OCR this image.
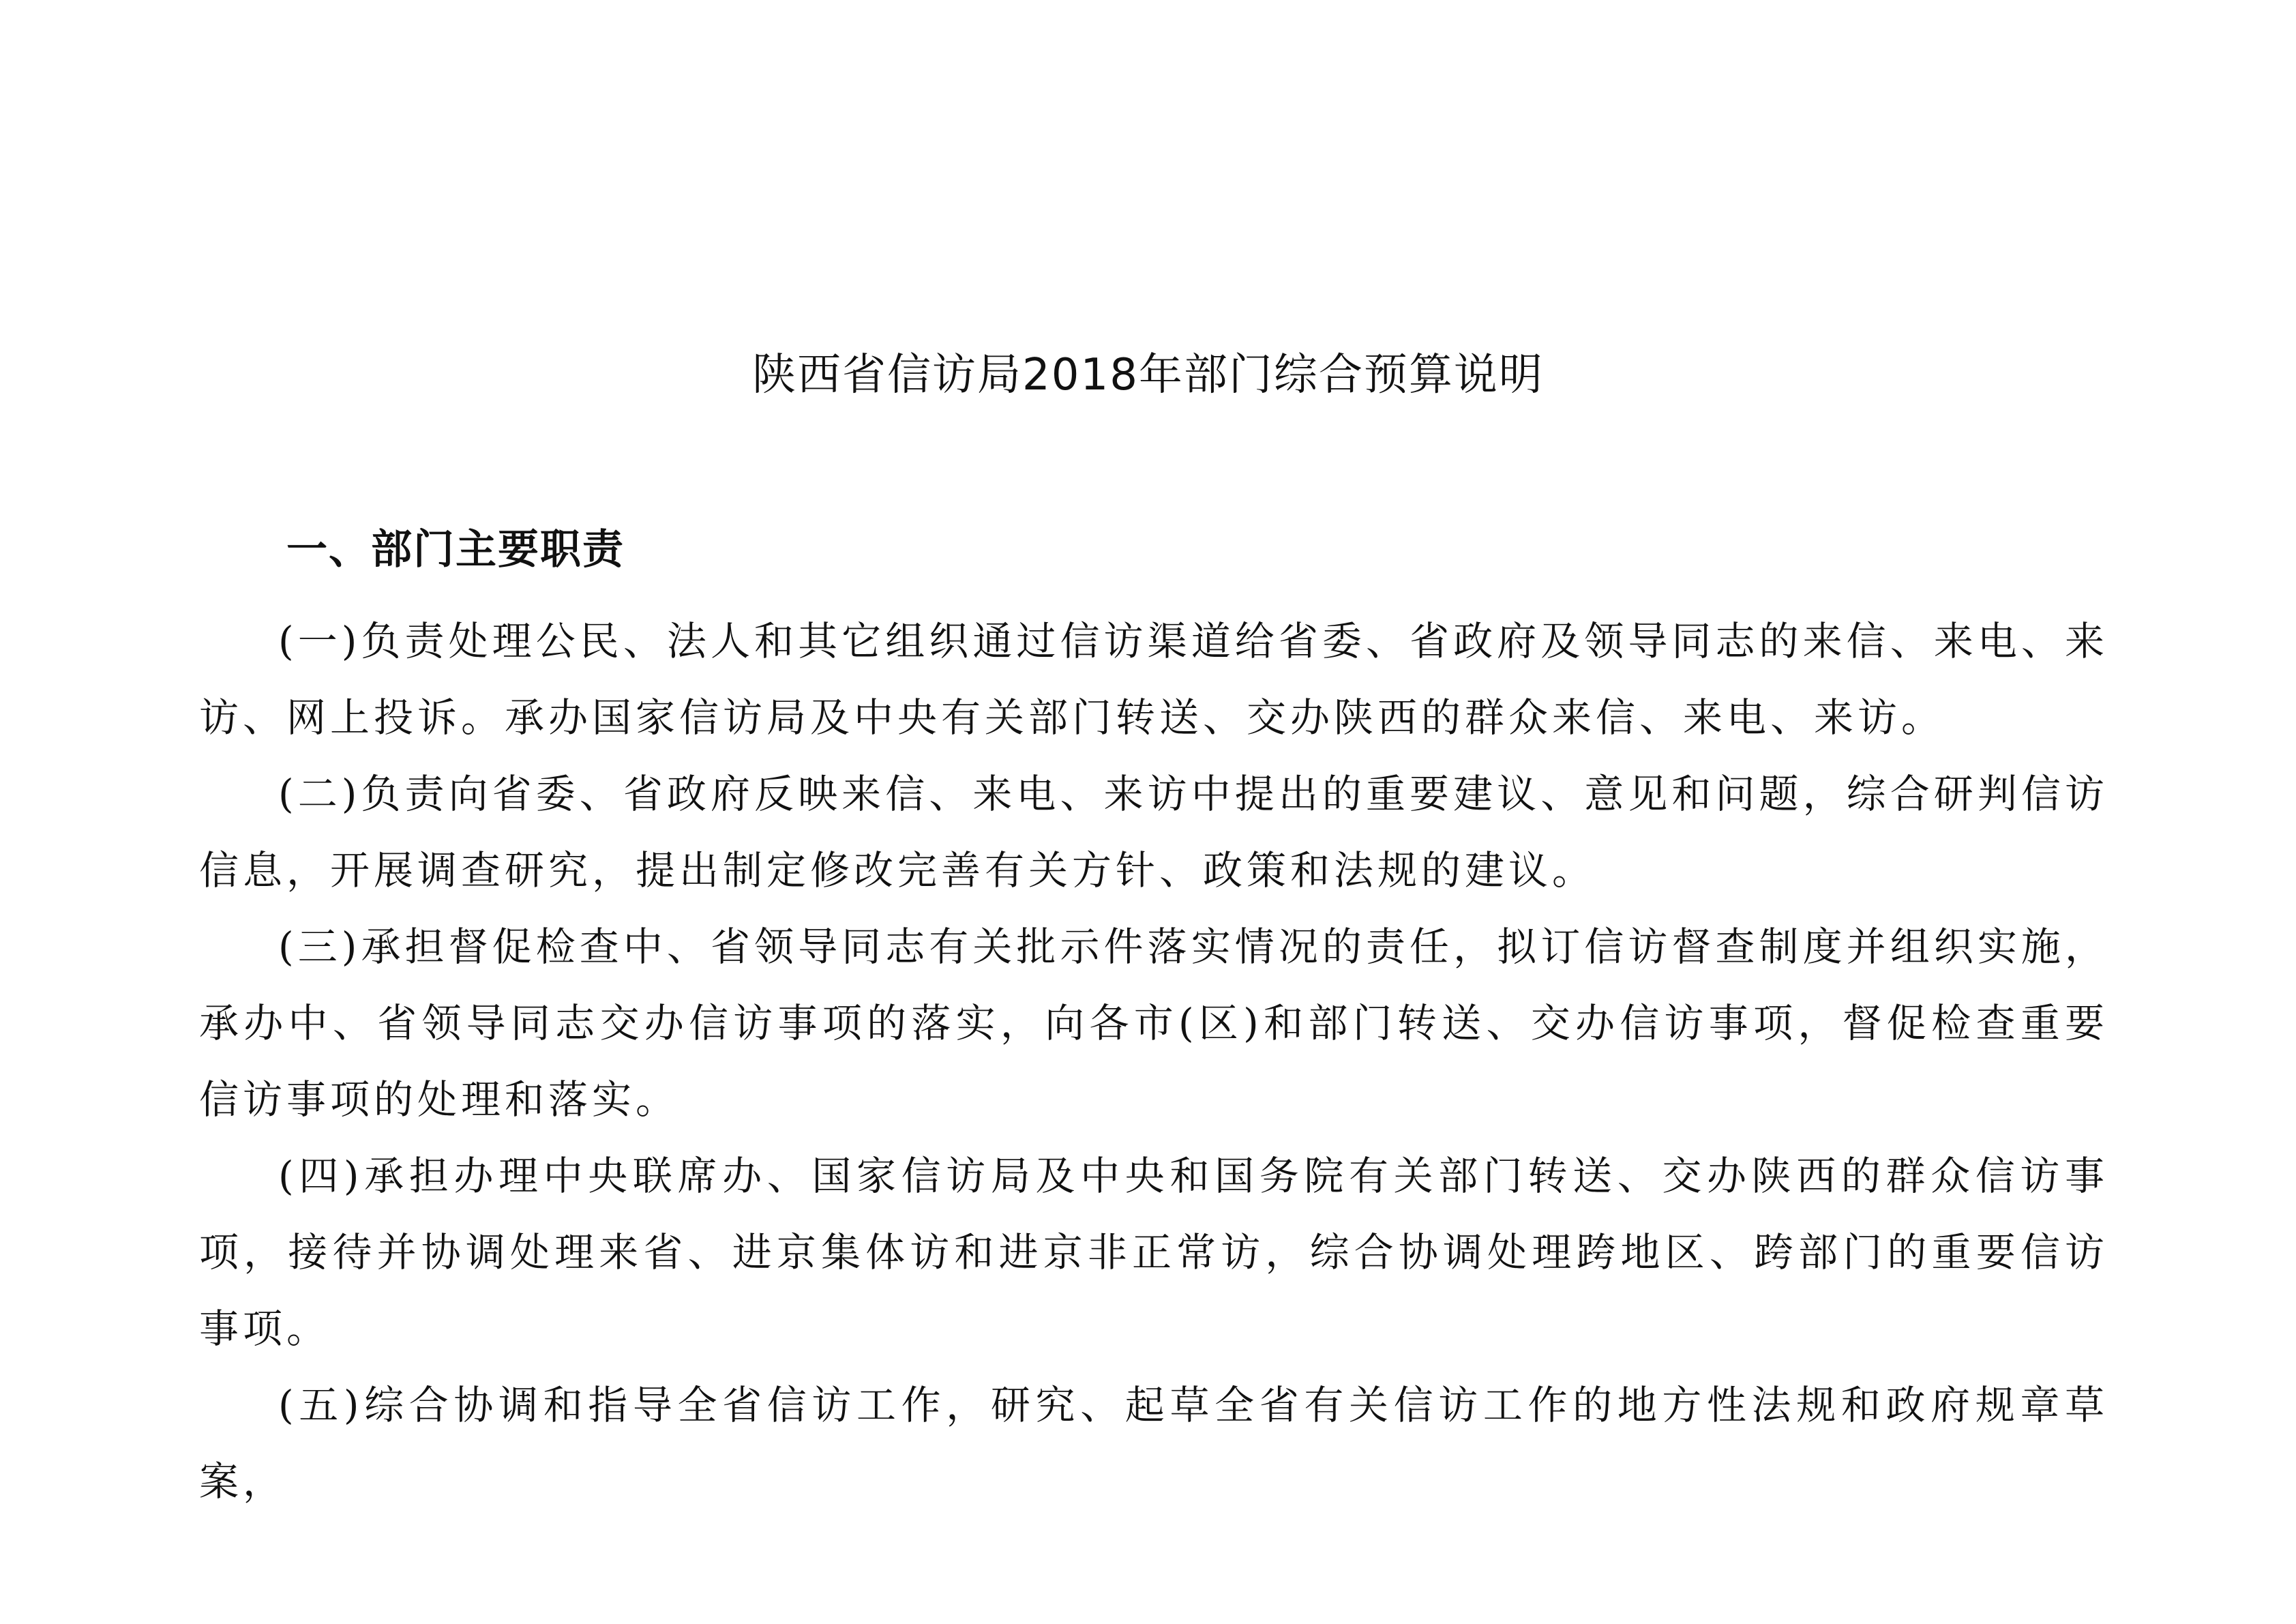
陕西省信访局2018年部门综合预算说明
一、部门主要职责

(一)负责处理公民、法人和其它组织通过信访渠道给省委、省政府及领导同志的来信、来电、来访、网上投诉。承办国家信访局及中央有关部门转送、交办陕西的群众来信、来电、来访。

(二)负责向省委、省政府反映来信、来电、来访中提出的重要建议、意见和问题，综合研判信访信息，开展调查研究，提出制定修改完善有关方针、政策和法规的建议。

(三)承担督促检查中、省领导同志有关批示件落实情况的责任，拟订信访督查制度并组织实施，承办中、省领导同志交办信访事项的落实，向各市(区)和部门转送、交办信访事项，督促检查重要信访事项的处理和落实。

(四)承担办理中央联席办、国家信访局及中央和国务院有关部门转送、交办陕西的群众信访事项，接待并协调处理来省、进京集体访和进京非正常访，综合协调处理跨地区、跨部门的重要信访事项。

(五)综合协调和指导全省信访工作，研究、起草全省有关信访工作的地方性法规和政府规章草案，
